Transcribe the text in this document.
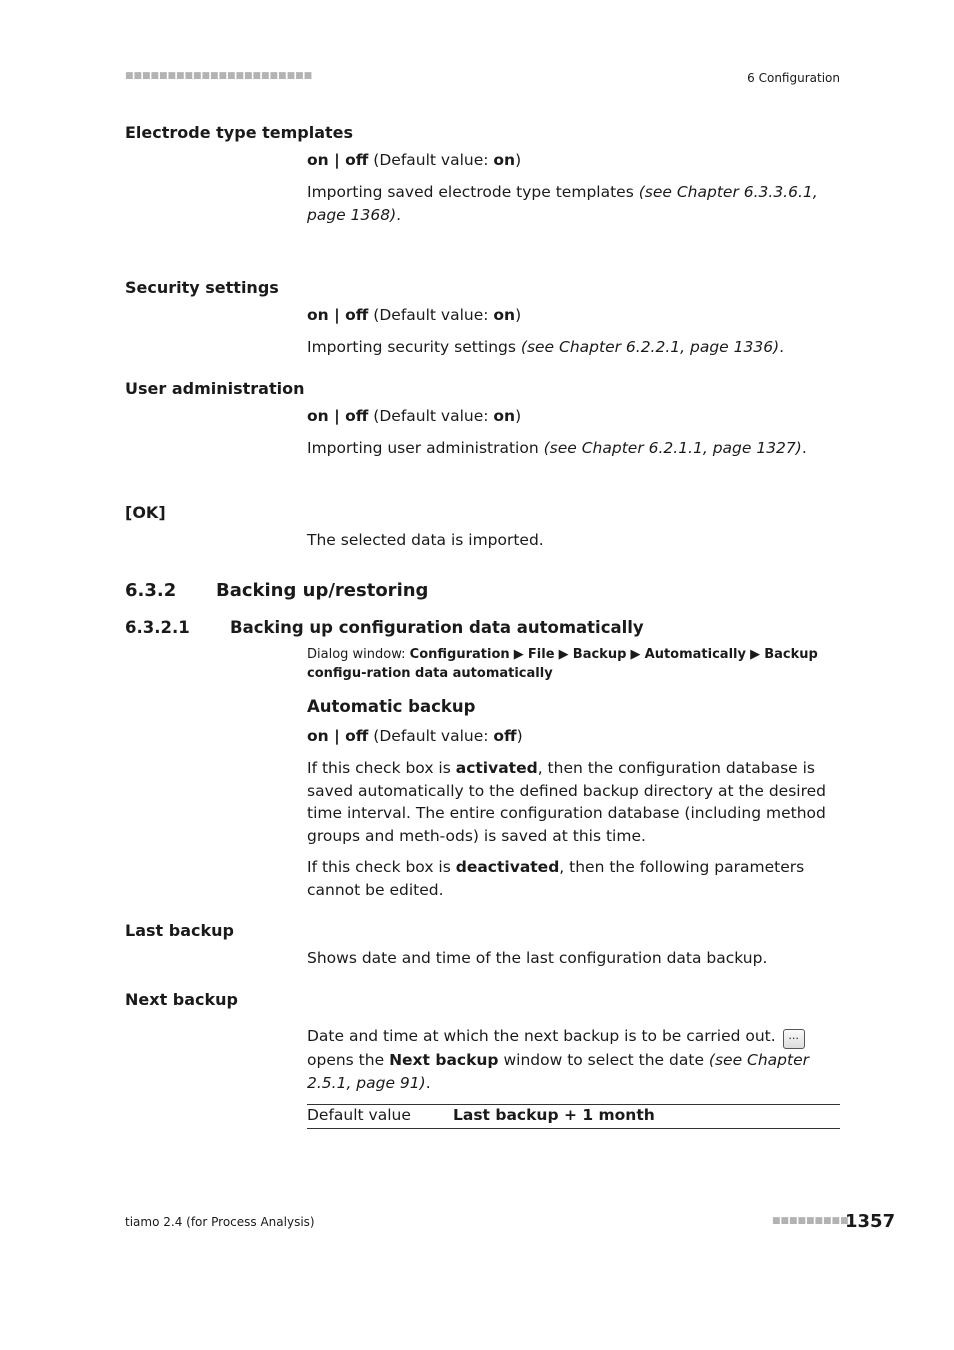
■■■■■■■■■■■■■■■■■■■■■■	6 Configuration
Electrode type templates
on | off (Default value: on)
Importing saved electrode type templates (see Chapter 6.3.3.6.1, page 1368).
Security settings
on | off (Default value: on)
Importing security settings (see Chapter 6.2.2.1, page 1336).
User administration
on | off (Default value: on)
Importing user administration (see Chapter 6.2.1.1, page 1327).
[OK]
The selected data is imported.
6.3.2 Backing up/restoring
6.3.2.1 Backing up configuration data automatically
Dialog window: Configuration ▶ File ▶ Backup ▶ Automatically ▶ Backup configu-ration data automatically
Automatic backup
on | off (Default value: off)
If this check box is activated, then the configuration database is saved automatically to the defined backup directory at the desired time interval. The entire configuration database (including method groups and meth-ods) is saved at this time.
If this check box is deactivated, then the following parameters cannot be edited.
Last backup
Shows date and time of the last configuration data backup.
Next backup
Date and time at which the next backup is to be carried out. ... opens the Next backup window to select the date (see Chapter 2.5.1, page 91).
Default value	Last backup + 1 month
tiamo 2.4 (for Process Analysis)	■■■■■■■■■
1357
